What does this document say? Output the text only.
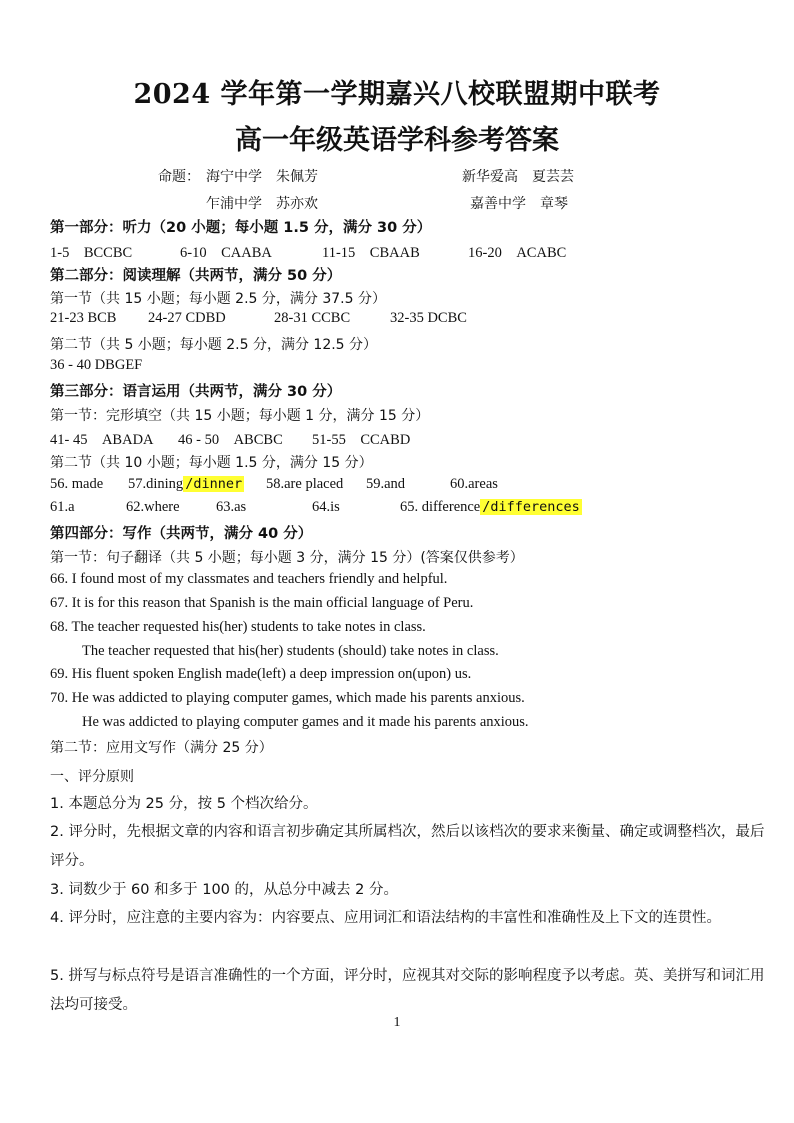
2024 学年第一学期嘉兴八校联盟期中联考
高一年级英语学科参考答案
命题： 海宁中学　朱佩芳	新华爱高　夏芸芸
乍浦中学　苏亦欢	嘉善中学　章琴
第一部分：听力（20 小题；每小题 1.5 分，满分 30 分）
1-5　BCCBC	6-10　CAABA	11-15　CBAAB	16-20　ACABC
第二部分：阅读理解（共两节，满分 50 分）
第一节（共 15 小题；每小题 2.5 分，满分 37.5 分）
21-23 BCB 24-27 CDBD	28-31 CCBC	32-35 DCBC
第二节（共 5 小题；每小题 2.5 分，满分 12.5 分）
36 - 40 DBGEF
第三部分：语言运用（共两节，满分 30 分）
第一节：完形填空（共 15 小题；每小题 1 分，满分 15 分）
41- 45　ABADA 46 - 50　ABCBC 51-55　CCABD
第二节（共 10 小题；每小题 1.5 分，满分 15 分）
56. made 57.dining /dinner 58.are placed 59.and	60.areas
61.a	62.where	63.as	64.is	65. difference /differences
第四部分：写作（共两节，满分 40 分）
第一节：句子翻译（共 5 小题；每小题 3 分，满分 15 分）(答案仅供参考）
66. I found most of my classmates and teachers friendly and helpful.
67. It is for this reason that Spanish is the main official language of Peru.
68. The teacher requested his(her) students to take notes in class.
The teacher requested that his(her) students (should) take notes in class.
69. His fluent spoken English made(left) a deep impression on(upon) us.
70. He was addicted to playing computer games, which made his parents anxious.
He was addicted to playing computer games and it made his parents anxious.
第二节：应用文写作（满分 25 分）
一、评分原则
1. 本题总分为 25 分，按 5 个档次给分。
2. 评分时，先根据文章的内容和语言初步确定其所属档次，然后以该档次的要求来衡量、确定或调整档次，最后评分。
3. 词数少于 60 和多于 100 的，从总分中减去 2 分。
4. 评分时，应注意的主要内容为：内容要点、应用词汇和语法结构的丰富性和准确性及上下文的连贯性。
5. 拼写与标点符号是语言准确性的一个方面，评分时，应视其对交际的影响程度予以考虑。英、美拼写和词汇用法均可接受。
1
